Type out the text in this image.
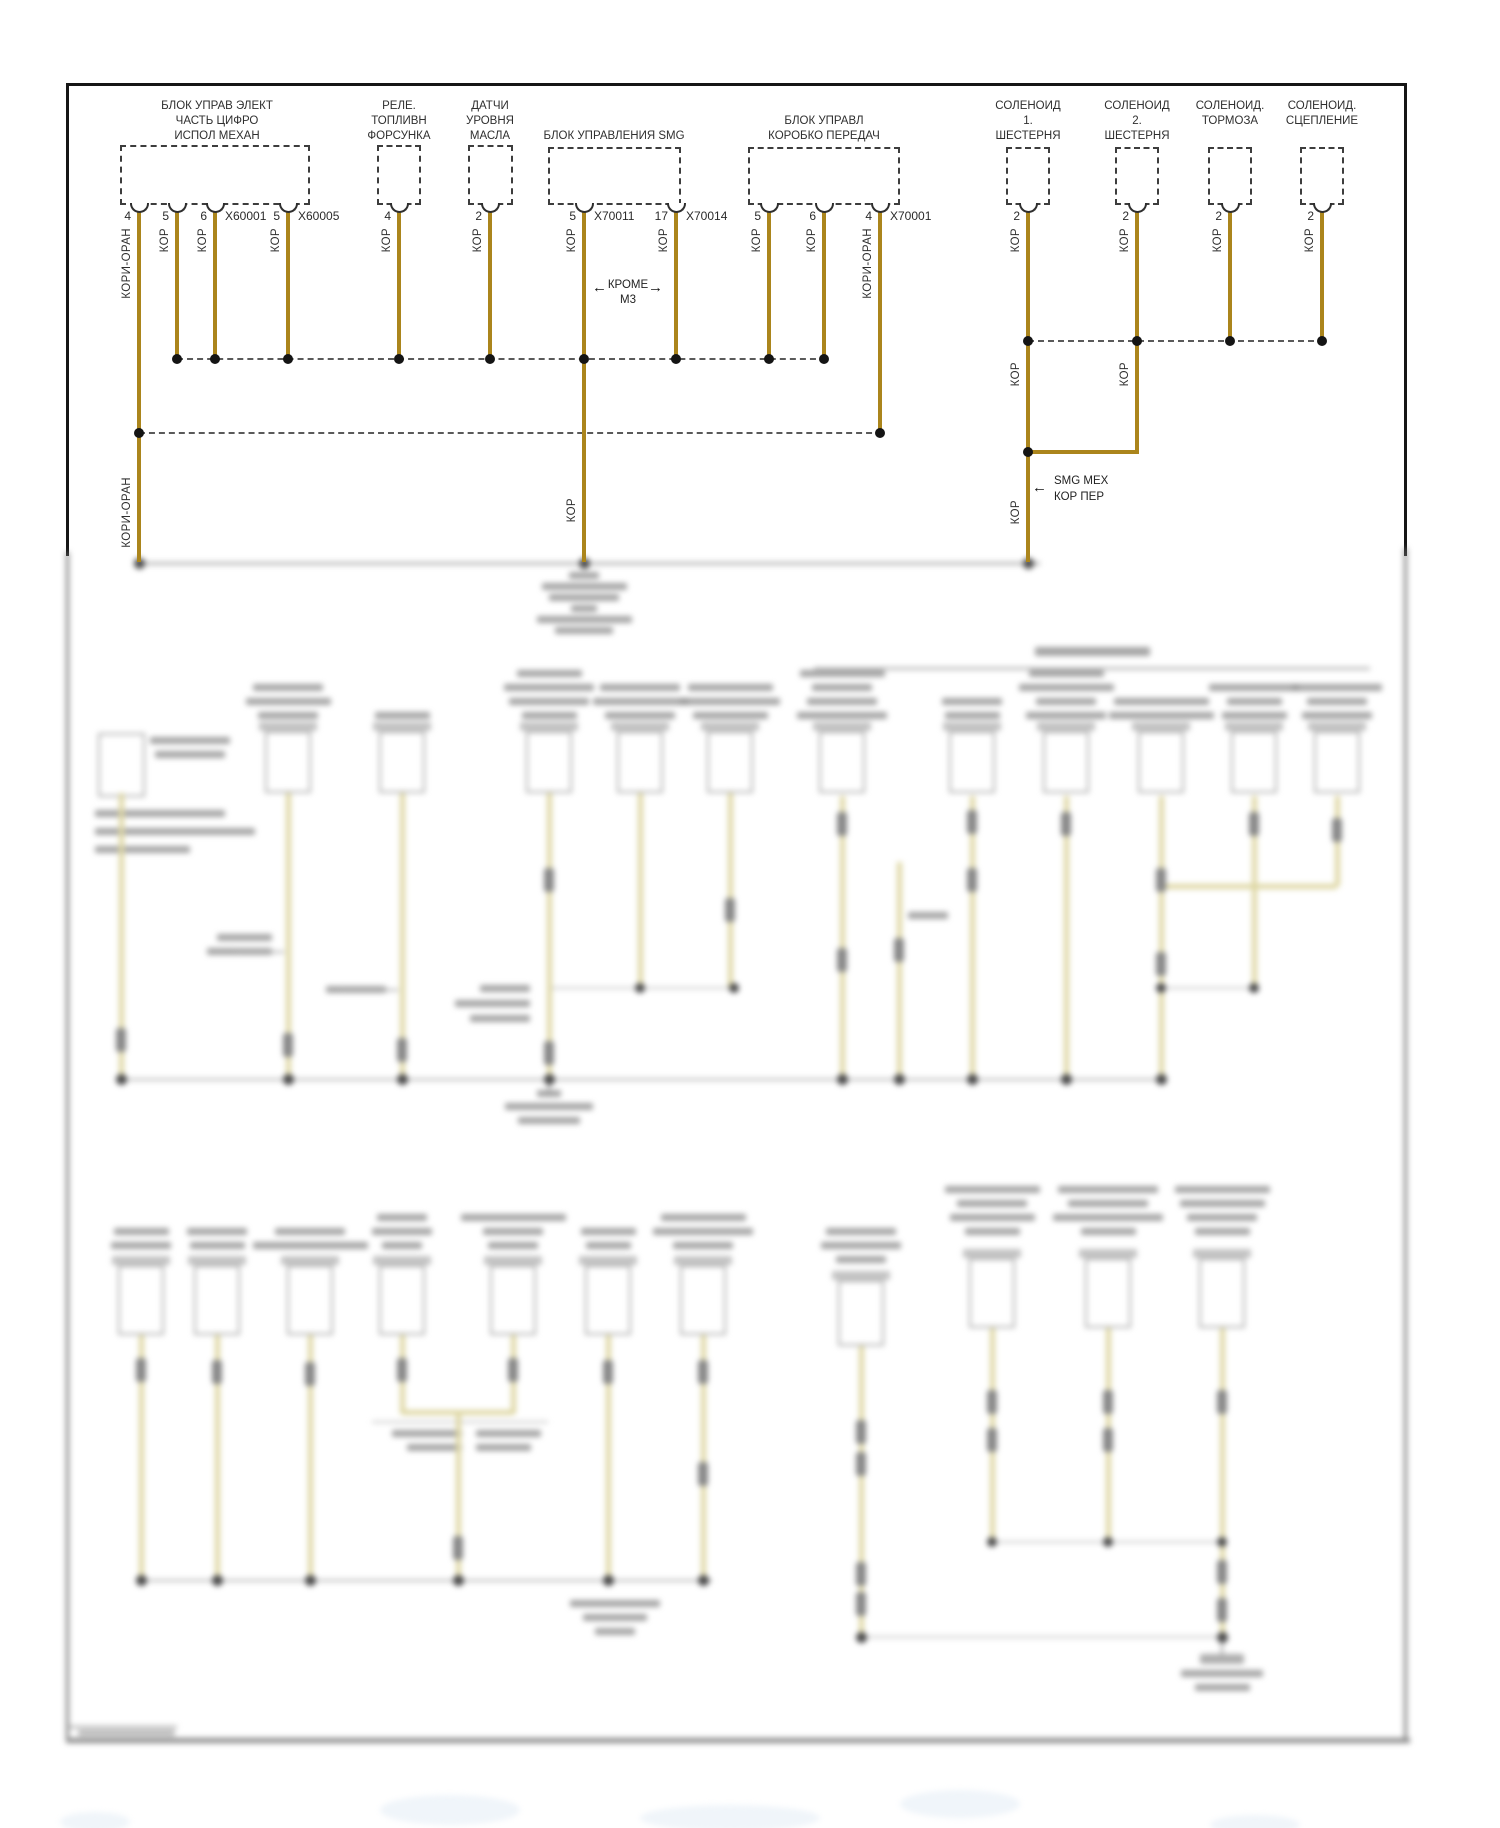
БЛОК УПРАВ ЭЛЕКТ
ЧАСТЬ ЦИФРО
ИСПОЛ МЕХАН
4
КОРИ-ОРАН
5
КОР
6 X60001
КОР
5 X60005
КОР
РЕЛЕ.
ТОПЛИВН
ФОРСУНКА
4
КОР
ДАТЧИ
УРОВНЯ
МАСЛА
2
КОР
БЛОК УПРАВЛЕНИЯ SMG
5 X70011
КОР
17 X70014
КОР
БЛОК УПРАВЛ
КОРОБКО ПЕРЕДАЧ
5
КОР
6
КОР
4 X70001
КОРИ-ОРАН
СОЛЕНОИД
1.
ШЕСТЕРНЯ
2
КОР
СОЛЕНОИД
2.
ШЕСТЕРНЯ
2
КОР
СОЛЕНОИД.
ТОРМОЗА
2
КОР
СОЛЕНОИД.
СЦЕПЛЕНИЕ
2
КОР
КОРИ-ОРАН	КОР
КОР	КОР
КОР
← КРОМЕ
М3
→
← SMG MEX
КОР ПЕР
